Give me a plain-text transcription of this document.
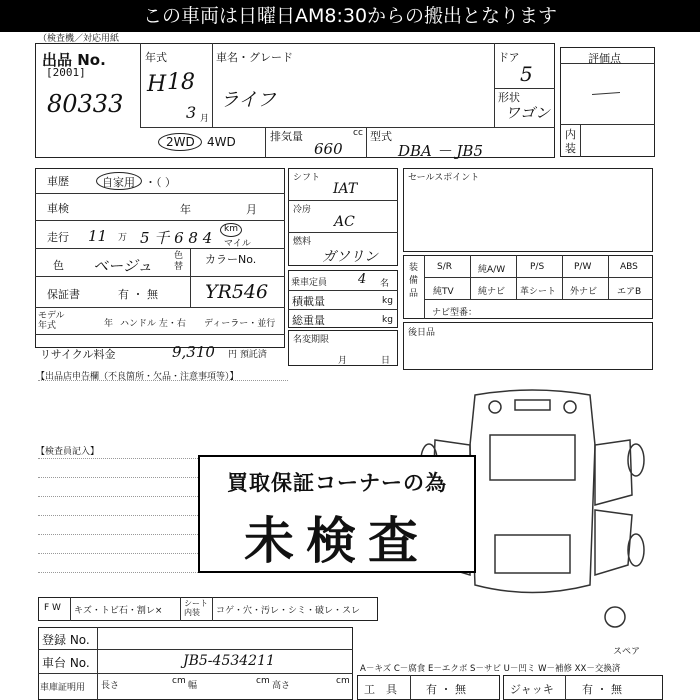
この車両は日曜日AM8:30からの搬出となります
（検査機／対応用紙
出品 No.
[2001]
80333
年式
H 18
3 月
車名・グレード
ライフ
ドア
5
形状
ワゴン
評価点
内装
2WD 4WD	排気量	cc
660
型式
DBA － JB5
車歴	自家用 ・（ ）
車検	年	月
走行 11 万 5 千 6 8 4 km
マイル
色 ベージュ
色替
カラーNo.
YR546
保証書	有 ・ 無
モデル年式	年 ハンドル 左・右 ディーラー・並行
リサイクル料金	9,310 円 預託済
シフト
IAT
冷房
AC
燃料
ガソリン
乗車定員 4 名
積載量	kg
総重量	kg
名変期限
月	日
セールスポイント
装備品
S/R	純A/W	P/S	P/W	ABS
純TV	純ナビ 革シート 外ナビ エアB
ナビ型番：
後日品
【出品店申告欄（不良箇所・欠品・注意事項等）】
【検査員記入】
スペア
買取保証コーナーの為
未検査
F W キズ・トビ石・割レ×
シート内装	コゲ・穴・汚レ・シミ・破レ・スレ
登録 No.
車台 No.	JB5-4534211
車庫証明用 長さ	cm 幅	cm 高さ	cm
A－キズ C－腐食 E－エクボ S－サビ U－凹ミ W－補修 XX－交換済
工　具	有 ・ 無	ジャッキ	有 ・ 無
